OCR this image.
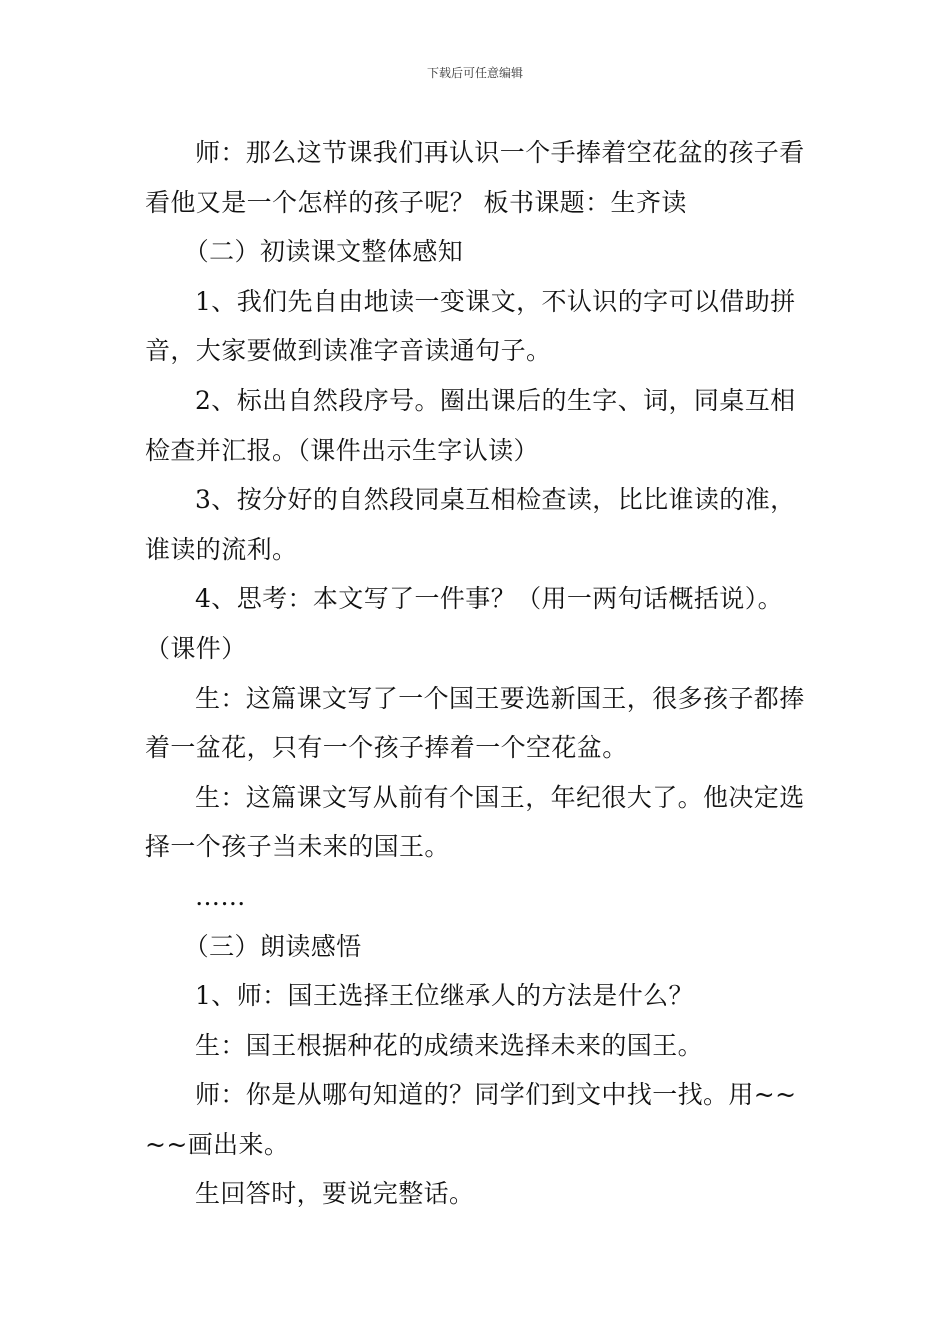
下载后可任意编辑

师：那么这节课我们再认识一个手捧着空花盆的孩子看看他又是一个怎样的孩子呢？ 板书课题：生齐读

（二）初读课文整体感知

1、我们先自由地读一变课文，不认识的字可以借助拼音，大家要做到读准字音读通句子。

2、标出自然段序号。圈出课后的生字、词，同桌互相检查并汇报。（课件出示生字认读）

3、按分好的自然段同桌互相检查读，比比谁读的准，谁读的流利。

4、思考：本文写了一件事？（用一两句话概括说）。（课件）

生：这篇课文写了一个国王要选新国王，很多孩子都捧着一盆花，只有一个孩子捧着一个空花盆。

生：这篇课文写从前有个国王，年纪很大了。他决定选择一个孩子当未来的国王。

……

（三）朗读感悟

1、师：国王选择王位继承人的方法是什么？

生：国王根据种花的成绩来选择未来的国王。

师：你是从哪句知道的？同学们到文中找一找。用~~~~画出来。

生回答时，要说完整话。
